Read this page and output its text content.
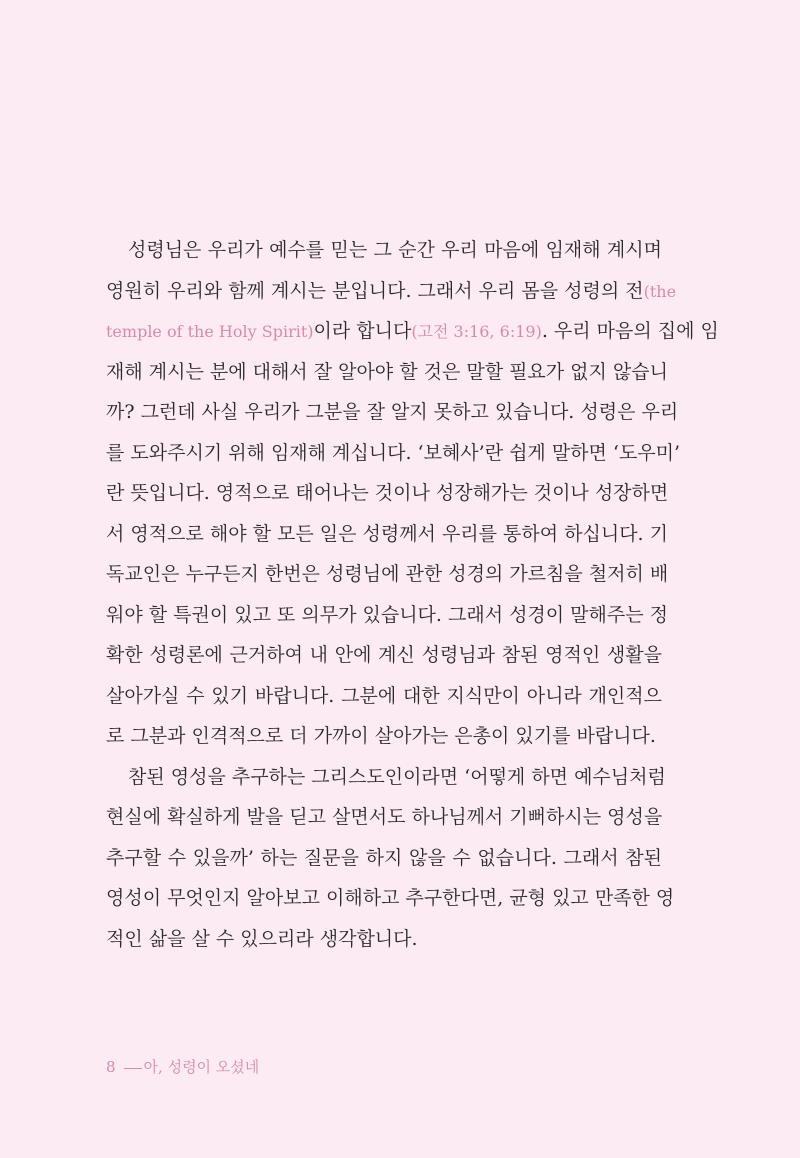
성령님은 우리가 예수를 믿는 그 순간 우리 마음에 임재해 계시며
영원히 우리와 함께 계시는 분입니다. 그래서 우리 몸을 성령의 전(the
temple of the Holy Spirit)이라 합니다(고전 3:16, 6:19). 우리 마음의 집에 임
재해 계시는 분에 대해서 잘 알아야 할 것은 말할 필요가 없지 않습니
까? 그런데 사실 우리가 그분을 잘 알지 못하고 있습니다. 성령은 우리
를 도와주시기 위해 임재해 계십니다. ‘보혜사’란 쉽게 말하면 ‘도우미’
란 뜻입니다. 영적으로 태어나는 것이나 성장해가는 것이나 성장하면
서 영적으로 해야 할 모든 일은 성령께서 우리를 통하여 하십니다. 기
독교인은 누구든지 한번은 성령님에 관한 성경의 가르침을 철저히 배
워야 할 특권이 있고 또 의무가 있습니다. 그래서 성경이 말해주는 정
확한 성령론에 근거하여 내 안에 계신 성령님과 참된 영적인 생활을
살아가실 수 있기 바랍니다. 그분에 대한 지식만이 아니라 개인적으
로 그분과 인격적으로 더 가까이 살아가는 은총이 있기를 바랍니다.
참된 영성을 추구하는 그리스도인이라면 ‘어떻게 하면 예수님처럼
현실에 확실하게 발을 딛고 살면서도 하나님께서 기뻐하시는 영성을
추구할 수 있을까’ 하는 질문을 하지 않을 수 없습니다. 그래서 참된
영성이 무엇인지 알아보고 이해하고 추구한다면, 균형 있고 만족한 영
적인 삶을 살 수 있으리라 생각합니다.
8 아, 성령이 오셨네
